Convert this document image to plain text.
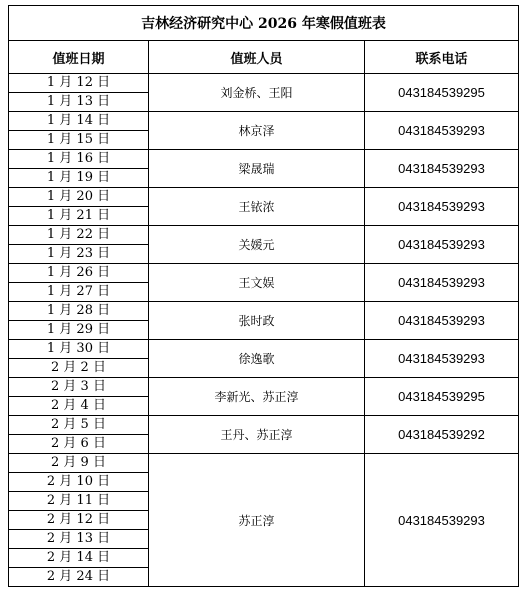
吉林经济研究中心 2026 年寒假值班表		
值班日期	值班人员	联系电话
1 月 12 日	刘金桥、王阳	043184539295
1 月 13 日		
1 月 14 日	林京泽	043184539293
1 月 15 日		
1 月 16 日	梁晟瑞	043184539293
1 月 19 日		
1 月 20 日	王铱浓	043184539293
1 月 21 日		
1 月 22 日	关媛元	043184539293
1 月 23 日		
1 月 26 日	王文娱	043184539293
1 月 27 日		
1 月 28 日	张时政	043184539293
1 月 29 日		
1 月 30 日	徐逸歌	043184539293
2 月 2 日		
2 月 3 日	李新光、苏正淳	043184539295
2 月 4 日		
2 月 5 日	王丹、苏正淳	043184539292
2 月 6 日		
2 月 9 日	苏正淳	043184539293
2 月 10 日		
2 月 11 日		
2 月 12 日		
2 月 13 日		
2 月 14 日		
2 月 24 日		
